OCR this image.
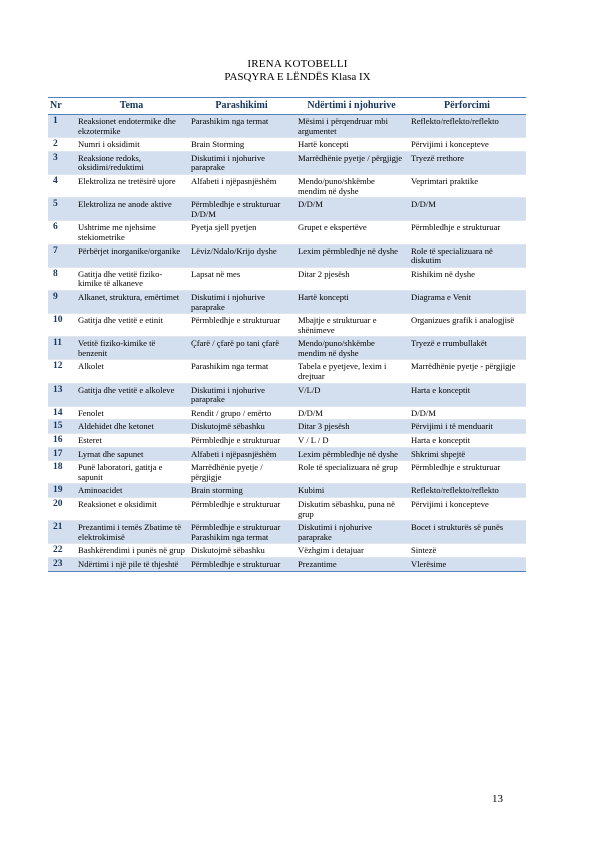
IRENA KOTOBELLI
PASQYRA E LËNDËS Klasa IX
Nr	Tema	Parashikimi	Ndërtimi i njohurive	Përforcimi
1	Reaksionet endotermike dhe ekzotermike	Parashikim nga termat	Mësimi i përqendruar mbi argumentet	Reflekto/reflekto/reflekto
2	Numri i oksidimit	Brain Storming	Hartë koncepti	Përvijimi i koncepteve
3	Reaksione redoks, oksidimi/reduktimi	Diskutimi i njohurive paraprake	Marrëdhënie pyetje / përgjigje	Tryezë rrethore
4	Elektroliza ne tretësirë ujore	Alfabeti i njëpasnjëshëm	Mendo/puno/shkëmbe mendim në dyshe	Veprimtari praktike
5	Elektroliza ne anode aktive	Përmbledhje e strukturuar D/D/M	D/D/M	D/D/M
6	Ushtrime me njehsime stekiometrike	Pyetja sjell pyetjen	Grupet e ekspertëve	Përmbledhje e strukturuar
7	Përbërjet inorganike/organike	Lëviz/Ndalo/Krijo dyshe	Lexim përmbledhje në dyshe	Role të specializuara në diskutim
8	Gatitja dhe vetitë fiziko-kimike të alkaneve	Lapsat në mes	Ditar 2 pjesësh	Rishikim në dyshe
9	Alkanet, struktura, emërtimet	Diskutimi i njohurive paraprake	Hartë koncepti	Diagrama e Venit
10	Gatitja dhe vetitë e etinit	Përmbledhje e strukturuar	Mbajtje e strukturuar e shënimeve	Organizues grafik i analogjisë
11	Vetitë fiziko-kimike të benzenit	Çfarë / çfarë po tani çfarë	Mendo/puno/shkëmbe mendim në dyshe	Tryezë e rrumbullakët
12	Alkolet	Parashikim nga termat	Tabela e pyetjeve, lexim i drejtuar	Marrëdhënie pyetje - përgjigje
13	Gatitja dhe vetitë e alkoleve	Diskutimi i njohurive paraprake	V/L/D	Harta e konceptit
14	Fenolet	Rendit / grupo / emërto	D/D/M	D/D/M
15	Aldehidet dhe ketonet	Diskutojmë sëbashku	Ditar 3 pjesësh	Përvijimi i të menduarit
16	Esteret	Përmbledhje e strukturuar	V / L / D	Harta e konceptit
17	Lyrnat dhe sapunet	Alfabeti i njëpasnjëshëm	Lexim përmbledhje në dyshe	Shkrimi shpejtë
18	Punë laboratori, gatitja e sapunit	Marrëdhënie pyetje / përgjigje	Role të specializuara në grup	Përmbledhje e strukturuar
19	Aminoacidet	Brain storming	Kubimi	Reflekto/reflekto/reflekto
20	Reaksionet e oksidimit	Përmbledhje e strukturuar	Diskutim sëbashku, puna në grup	Përvijimi i koncepteve
21	Prezantimi i temës Zbatime të elektrokimisë	Përmbledhje e strukturuar Parashikim nga termat	Diskutimi i njohurive paraprake	Bocet i strukturës së punës
22	Bashkërendimi i punës në grup	Diskutojmë sëbashku	Vëzhgim i detajuar	Sintezë
23	Ndërtimi i një pile të thjeshtë	Përmbledhje e strukturuar	Prezantime	Vlerësime
13
